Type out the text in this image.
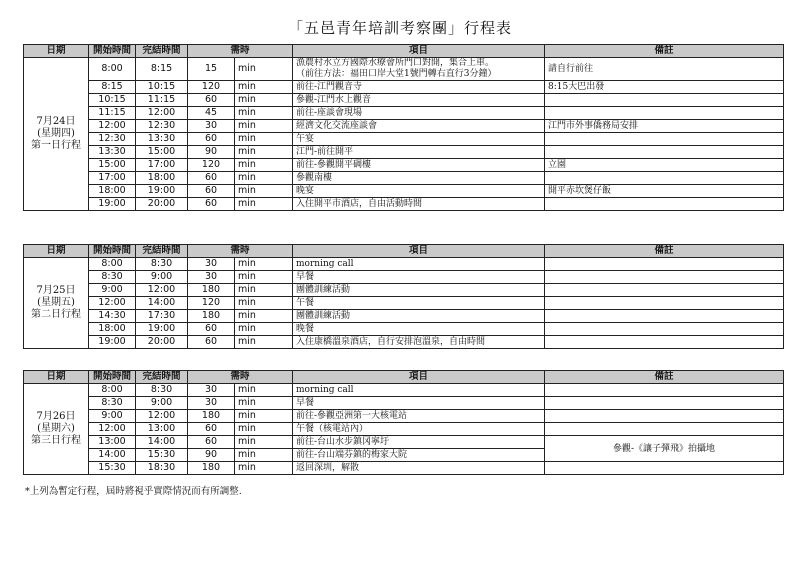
「五邑青年培訓考察團」行程表
日期	開始時間	完結時間	需時		項目	備註
7月24日
(星期四)
第一日行程	8:00	8:15	15	min	漁農村水立方國際水療會所門口對開，集合上車。
（前往方法：福田口岸大堂1號門轉右直行3分鐘）	請自行前往
	8:15	10:15	120	min	前往-江門觀音寺	8:15大巴出發
	10:15	11:15	60	min	參觀-江門水上觀音	
	11:15	12:00	45	min	前往-座談會現場	
	12:00	12:30	30	min	經濟文化交流座談會	江門市外事僑務局安排
	12:30	13:30	60	min	午宴	
	13:30	15:00	90	min	江門-前往開平	
	15:00	17:00	120	min	前往-參觀開平碉樓	立園
	17:00	18:00	60	min	參觀南樓	
	18:00	19:00	60	min	晚宴	開平赤坎煲仔飯
	19:00	20:00	60	min	入住開平市酒店，自由活動時間	
日期	開始時間	完結時間	需時		項目	備註
7月25日
(星期五)
第二日行程	8:00	8:30	30	min	morning call	
	8:30	9:00	30	min	早餐	
	9:00	12:00	180	min	團體訓練活動	
	12:00	14:00	120	min	午餐	
	14:30	17:30	180	min	團體訓練活動	
	18:00	19:00	60	min	晚餐	
	19:00	20:00	60	min	入住康橋溫泉酒店，自行安排泡溫泉，自由時間	
日期	開始時間	完結時間	需時		項目	備註
7月26日
(星期六)
第三日行程	8:00	8:30	30	min	morning call	
	8:30	9:00	30	min	早餐	
	9:00	12:00	180	min	前往-參觀亞洲第一大核電站	
	12:00	13:00	60	min	午餐（核電站內）	
	13:00	14:00	60	min	前往-台山水步鎮冈寧圩	參觀-《讓子彈飛》拍攝地
	14:00	15:30	90	min	前往-台山端芬鎮的梅家大院	
	15:30	18:30	180	min	返回深圳，解散	
*上列為暫定行程，屆時將視乎實際情況而有所調整.
